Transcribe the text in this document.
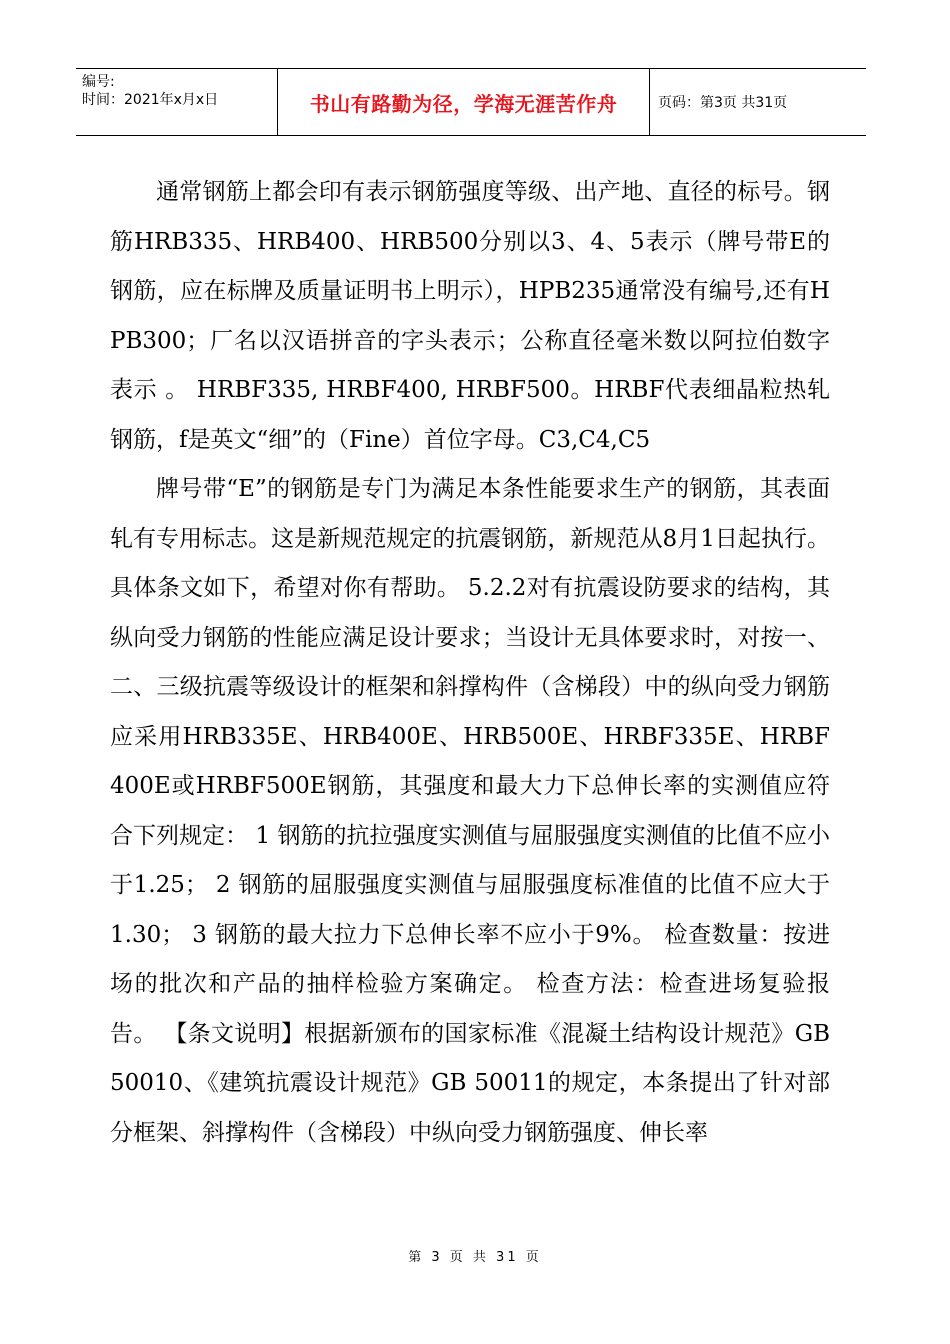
编号:
时间：2021年x月x日	书山有路勤为径，学海无涯苦作舟	页码：第3页 共31页

通常钢筋上都会印有表示钢筋强度等级、出产地、直径的标号。钢筋HRB335、HRB400、HRB500分别以3、4、5表示（牌号带E的钢筋，应在标牌及质量证明书上明示），HPB235通常没有编号,还有HPB300；厂名以汉语拼音的字头表示；公称直径毫米数以阿拉伯数字表示 。 HRBF335, HRBF400, HRBF500。HRBF代表细晶粒热轧钢筋，f是英文“细”的（Fine）首位字母。C3,C4,C5

牌号带“E”的钢筋是专门为满足本条性能要求生产的钢筋，其表面轧有专用标志。这是新规范规定的抗震钢筋，新规范从8月1日起执行。具体条文如下，希望对你有帮助。 5.2.2对有抗震设防要求的结构，其纵向受力钢筋的性能应满足设计要求；当设计无具体要求时，对按一、二、三级抗震等级设计的框架和斜撑构件（含梯段）中的纵向受力钢筋应采用HRB335E、HRB400E、HRB500E、HRBF335E、HRBF400E或HRBF500E钢筋，其强度和最大力下总伸长率的实测值应符合下列规定： 1 钢筋的抗拉强度实测值与屈服强度实测值的比值不应小于1.25； 2 钢筋的屈服强度实测值与屈服强度标准值的比值不应大于1.30； 3 钢筋的最大拉力下总伸长率不应小于9%。 检查数量：按进场的批次和产品的抽样检验方案确定。 检查方法：检查进场复验报告。 【条文说明】根据新颁布的国家标准《混凝土结构设计规范》GB 50010、《建筑抗震设计规范》GB 50011的规定，本条提出了针对部分框架、斜撑构件（含梯段）中纵向受力钢筋强度、伸长率

第 3 页 共 31 页
